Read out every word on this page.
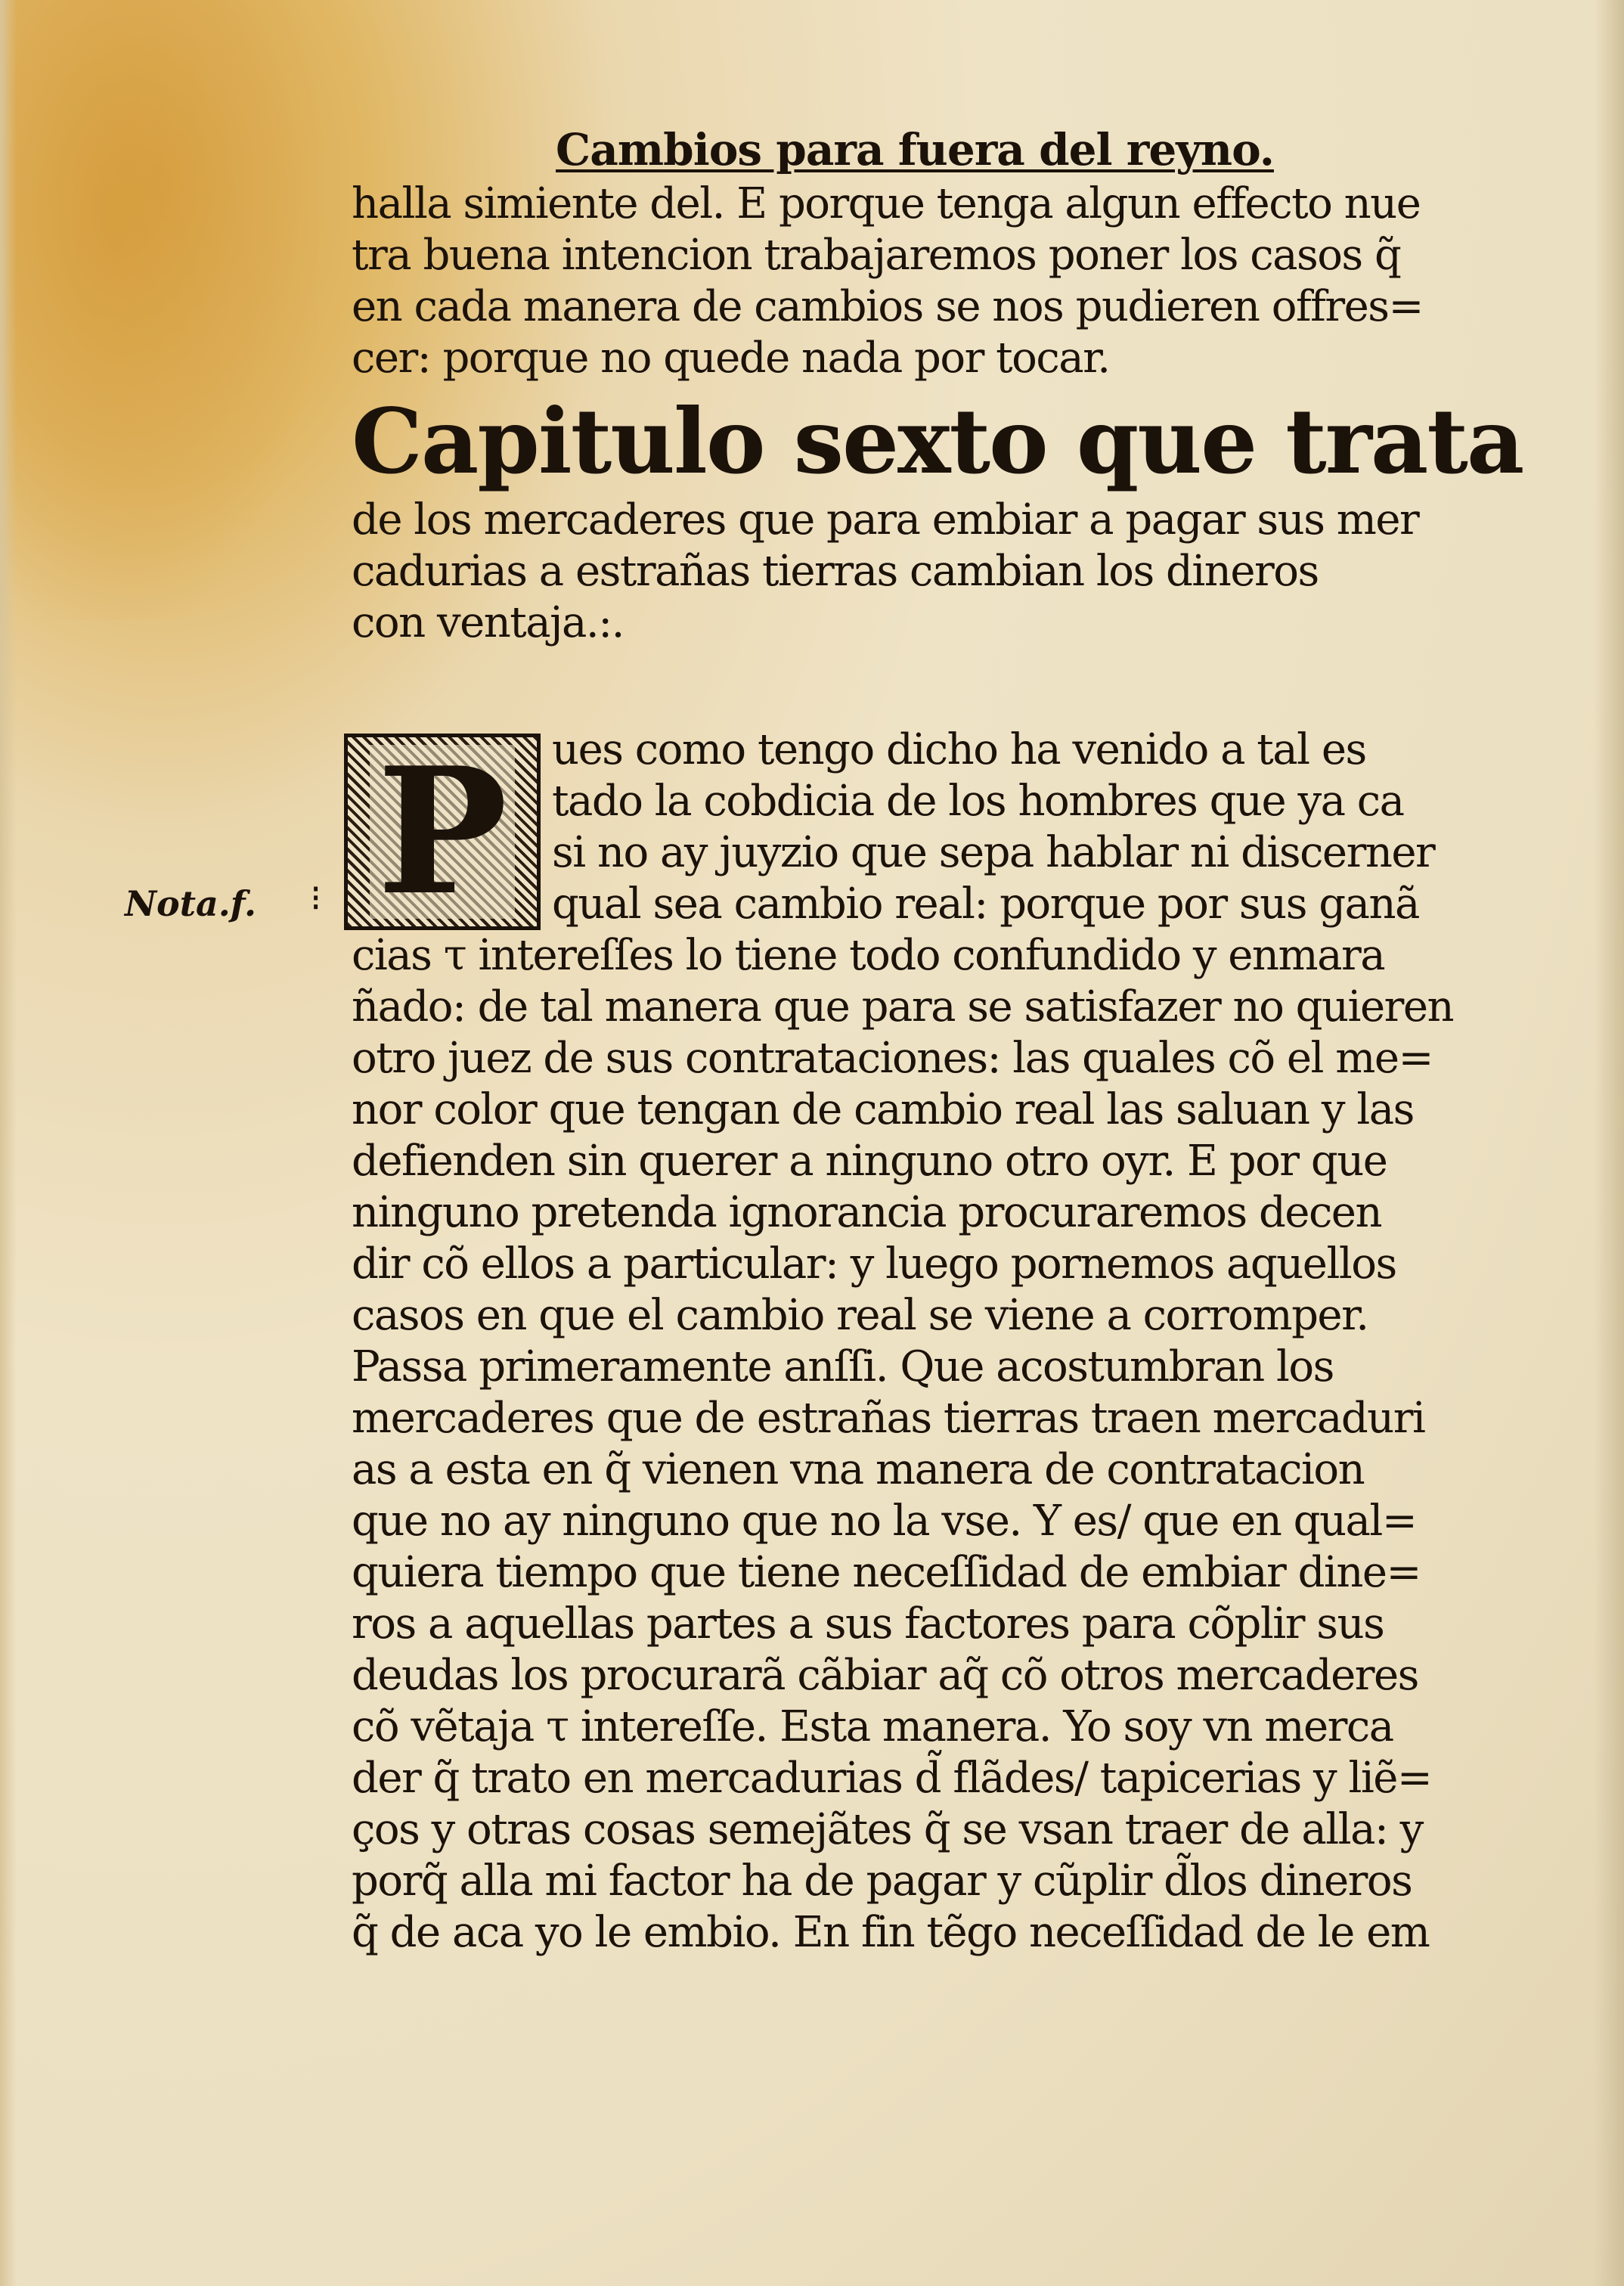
Nota.f. ⁝
Cambios para fuera del reyno.
halla simiente del. E porque tenga algun effecto nue
tra buena intencion trabajaremos poner los casos q̃
en cada manera de cambios se nos pudieren offres=
cer: porque no quede nada por tocar.
Capitulo sexto que trata
de los mercaderes que para embiar a pagar sus mer
cadurias a estrañas tierras cambian los dineros
con ventaja.:.
P	ues como tengo dicho ha venido a tal es
tado la cobdicia de los hombres que ya ca
si no ay juyzio que sepa hablar ni discerner
qual sea cambio real: porque por sus ganã
cias τ intereſſes lo tiene todo confundido y enmara
ñado: de tal manera que para se satisfazer no quieren
otro juez de sus contrataciones: las quales cõ el me=
nor color que tengan de cambio real las saluan y las
defienden sin querer a ninguno otro oyr. E por que
ninguno pretenda ignorancia procuraremos decen
dir cõ ellos a particular: y luego pornemos aquellos
casos en que el cambio real se viene a corromper.
Passa primeramente anſſi. Que acostumbran los
mercaderes que de estrañas tierras traen mercaduri
as a esta en q̃ vienen vna manera de contratacion
que no ay ninguno que no la vse. Y es/ que en qual=
quiera tiempo que tiene neceſſidad de embiar dine=
ros a aquellas partes a sus factores para cõplir sus
deudas los procurarã cãbiar aq̃ cõ otros mercaderes
cõ vẽtaja τ intereſſe. Esta manera. Yo soy vn merca
der q̃ trato en mercadurias d̃ flãdes/ tapicerias y liẽ=
ços y otras cosas semejãtes q̃ se vsan traer de alla: y
porq̃ alla mi factor ha de pagar y cũplir d̃los dineros
q̃ de aca yo le embio. En fin tẽgo neceſſidad de le em
